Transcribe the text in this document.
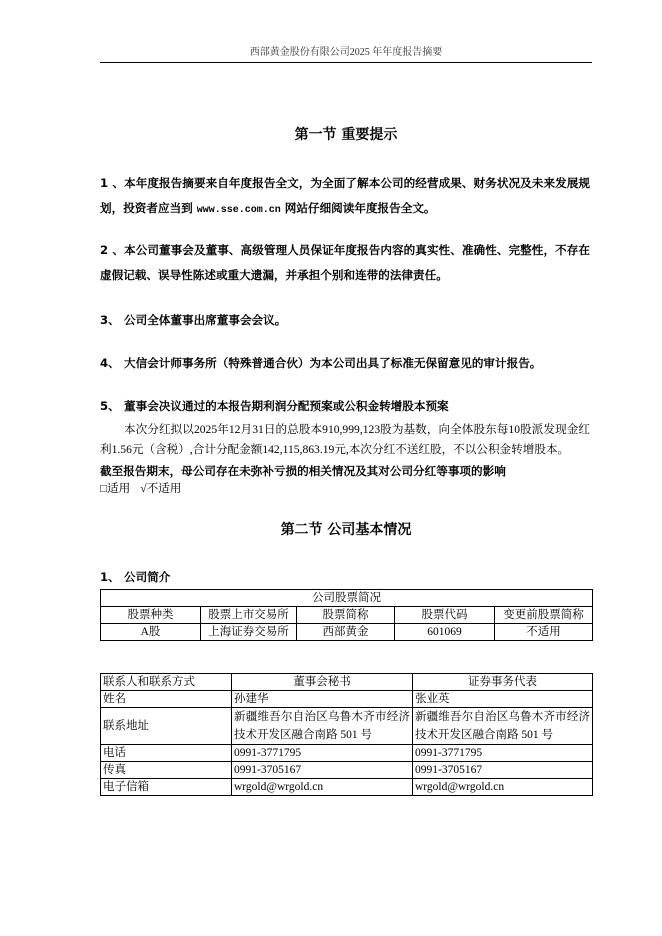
西部黄金股份有限公司2025 年年度报告摘要
第一节 重要提示
1、本年度报告摘要来自年度报告全文，为全面了解本公司的经营成果、财务状况及未来发展规
划，投资者应当到 www.sse.com.cn 网站仔细阅读年度报告全文。
2、本公司董事会及董事、高级管理人员保证年度报告内容的真实性、准确性、完整性，不存在
虚假记载、误导性陈述或重大遗漏，并承担个别和连带的法律责任。
3、 公司全体董事出席董事会会议。
4、 大信会计师事务所（特殊普通合伙）为本公司出具了标准无保留意见的审计报告。
5、 董事会决议通过的本报告期利润分配预案或公积金转增股本预案
本次分红拟以2025年12月31日的总股本910,999,123股为基数，向全体股东每10股派发现金红
利1.56元（含税）,合计分配金额142,115,863.19元,本次分红不送红股，不以公积金转增股本。
截至报告期末，母公司存在未弥补亏损的相关情况及其对公司分红等事项的影响
□适用 √不适用
第二节 公司基本情况
1、 公司简介
公司股票简况				
股票种类	股票上市交易所	股票简称	股票代码	变更前股票简称
A股	上海证券交易所	西部黄金	601069	不适用
联系人和联系方式	董事会秘书	证券事务代表
姓名	孙建华	张业英
联系地址	新疆维吾尔自治区乌鲁木齐市经济技术开发区融合南路 501 号	新疆维吾尔自治区乌鲁木齐市经济技术开发区融合南路 501 号
电话	0991-3771795	0991-3771795
传真	0991-3705167	0991-3705167
电子信箱	wrgold@wrgold.cn	wrgold@wrgold.cn
